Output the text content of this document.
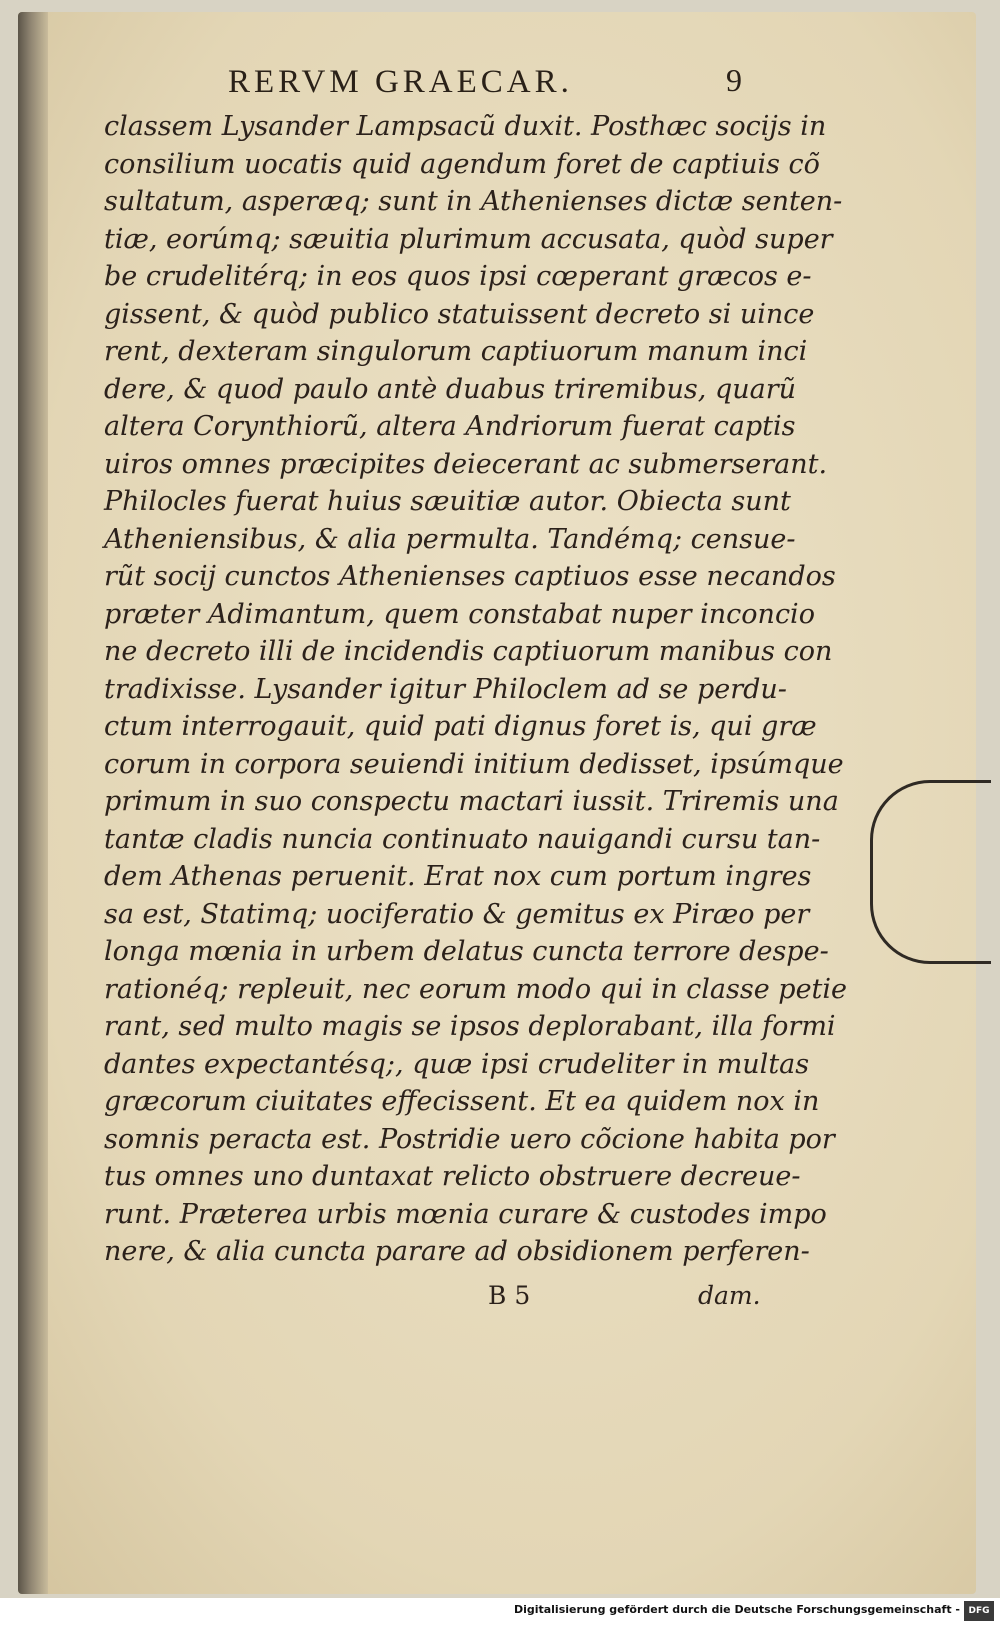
RERVM GRAECAR.	9
classem Lysander Lampsacũ duxit. Posthæc socijs in
consilium uocatis quid agendum foret de captiuis cõ
sultatum, asperæq; sunt in Athenienses dictæ senten-
tiæ, eorúmq; sæuitia plurimum accusata, quòd super
be crudelitérq; in eos quos ipsi cœperant græcos e-
gissent, & quòd publico statuissent decreto si uince
rent, dexteram singulorum captiuorum manum inci
dere, & quod paulo antè duabus triremibus, quarũ
altera Corynthiorũ, altera Andriorum fuerat captis
uiros omnes præcipites deiecerant ac submerserant.
Philocles fuerat huius sæuitiæ autor. Obiecta sunt
Atheniensibus, & alia permulta. Tandémq; censue-
rũt socij cunctos Athenienses captiuos esse necandos
præter Adimantum, quem constabat nuper inconcio
ne decreto illi de incidendis captiuorum manibus con
tradixisse. Lysander igitur Philoclem ad se perdu-
ctum interrogauit, quid pati dignus foret is, qui græ
corum in corpora seuiendi initium dedisset, ipsúmque
primum in suo conspectu mactari iussit. Triremis una
tantæ cladis nuncia continuato nauigandi cursu tan-
dem Athenas peruenit. Erat nox cum portum ingres
sa est, Statimq; uociferatio & gemitus ex Piræo per
longa mœnia in urbem delatus cuncta terrore despe-
rationéq; repleuit, nec eorum modo qui in classe petie
rant, sed multo magis se ipsos deplorabant, illa formi
dantes expectantésq;, quæ ipsi crudeliter in multas
græcorum ciuitates effecissent. Et ea quidem nox in
somnis peracta est. Postridie uero cõcione habita por
tus omnes uno duntaxat relicto obstruere decreue-
runt. Præterea urbis mœnia curare & custodes impo
nere, & alia cuncta parare ad obsidionem perferen-
B 5	dam.
Digitalisierung gefördert durch die Deutsche Forschungsgemeinschaft - DFG
